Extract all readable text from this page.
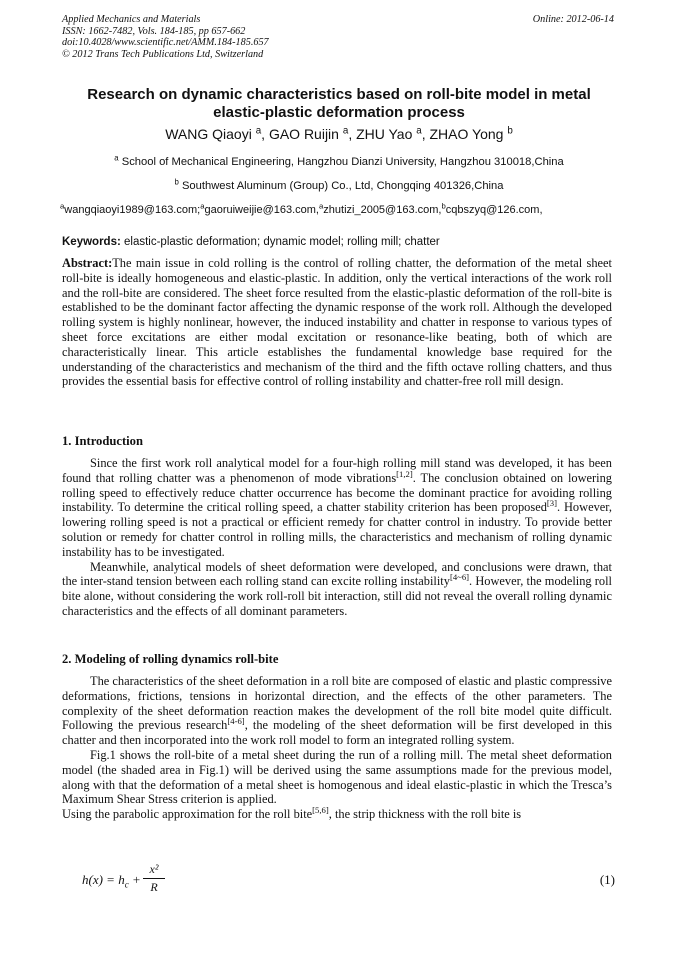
Applied Mechanics and Materials
ISSN: 1662-7482, Vols. 184-185, pp 657-662
doi:10.4028/www.scientific.net/AMM.184-185.657
© 2012 Trans Tech Publications Ltd, Switzerland
Online: 2012-06-14
Research on dynamic characteristics based on roll-bite model in metal
elastic-plastic deformation process
WANG Qiaoyi $^a$, GAO Ruijin $^a$, ZHU Yao $^a$, ZHAO Yong $^b$
$^a$ School of Mechanical Engineering, Hangzhou Dianzi University, Hangzhou 310018,China
$^b$ Southwest Aluminum (Group) Co., Ltd, Chongqing 401326,China
$^a$wangqiaoyi1989@163.com;$^a$gaoruiweijie@163.com,$^a$zhutizi_2005@163.com,$^b$cqbszyq@126.com,
Keywords: elastic-plastic deformation; dynamic model; rolling mill; chatter
Abstract:The main issue in cold rolling is the control of rolling chatter, the deformation of the metal sheet roll-bite is ideally homogeneous and elastic-plastic. In addition, only the vertical interactions of the work roll and the roll-bite are considered. The sheet force resulted from the elastic-plastic deformation of the roll-bite is established to be the dominant factor affecting the dynamic response of the work roll. Although the developed rolling system is highly nonlinear, however, the induced instability and chatter in response to various types of sheet force excitations are either modal excitation or resonance-like beating, both of which are characteristically linear. This article establishes the fundamental knowledge base required for the understanding of the characteristics and mechanism of the third and the fifth octave rolling chatters, and thus provides the essential basis for effective control of rolling instability and chatter-free roll mill design.
1. Introduction
Since the first work roll analytical model for a four-high rolling mill stand was developed, it has been found that rolling chatter was a phenomenon of mode vibrations[1,2]. The conclusion obtained on lowering rolling speed to effectively reduce chatter occurrence has become the dominant practice for avoiding rolling instability. To determine the critical rolling speed, a chatter stability criterion has been proposed[3]. However, lowering rolling speed is not a practical or efficient remedy for chatter control in industry. To provide better solution or remedy for chatter control in rolling mills, the characteristics and mechanism of rolling dynamic instability has to be investigated.
Meanwhile, analytical models of sheet deformation were developed, and conclusions were drawn, that the inter-stand tension between each rolling stand can excite rolling instability[4~6]. However, the modeling roll bite alone, without considering the work roll-roll bit interaction, still did not reveal the overall rolling dynamic characteristics and the effects of all dominant parameters.
2. Modeling of rolling dynamics roll-bite
The characteristics of the sheet deformation in a roll bite are composed of elastic and plastic compressive deformations, frictions, tensions in horizontal direction, and the effects of the other parameters. The complexity of the sheet deformation reaction makes the development of the roll bite model quite difficult. Following the previous research[4-6], the modeling of the sheet deformation will be first developed in this chatter and then incorporated into the work roll model to form an integrated rolling system.
Fig.1 shows the roll-bite of a metal sheet during the run of a rolling mill. The metal sheet deformation model (the shaded area in Fig.1) will be derived using the same assumptions made for the previous model, along with that the deformation of a metal sheet is homogenous and ideal elastic-plastic in which the Tresca’s Maximum Shear Stress criterion is applied.
Using the parabolic approximation for the roll bite[5,6], the strip thickness with the roll bite is
$h(x) = h_c$ +
x²
R	(1)
